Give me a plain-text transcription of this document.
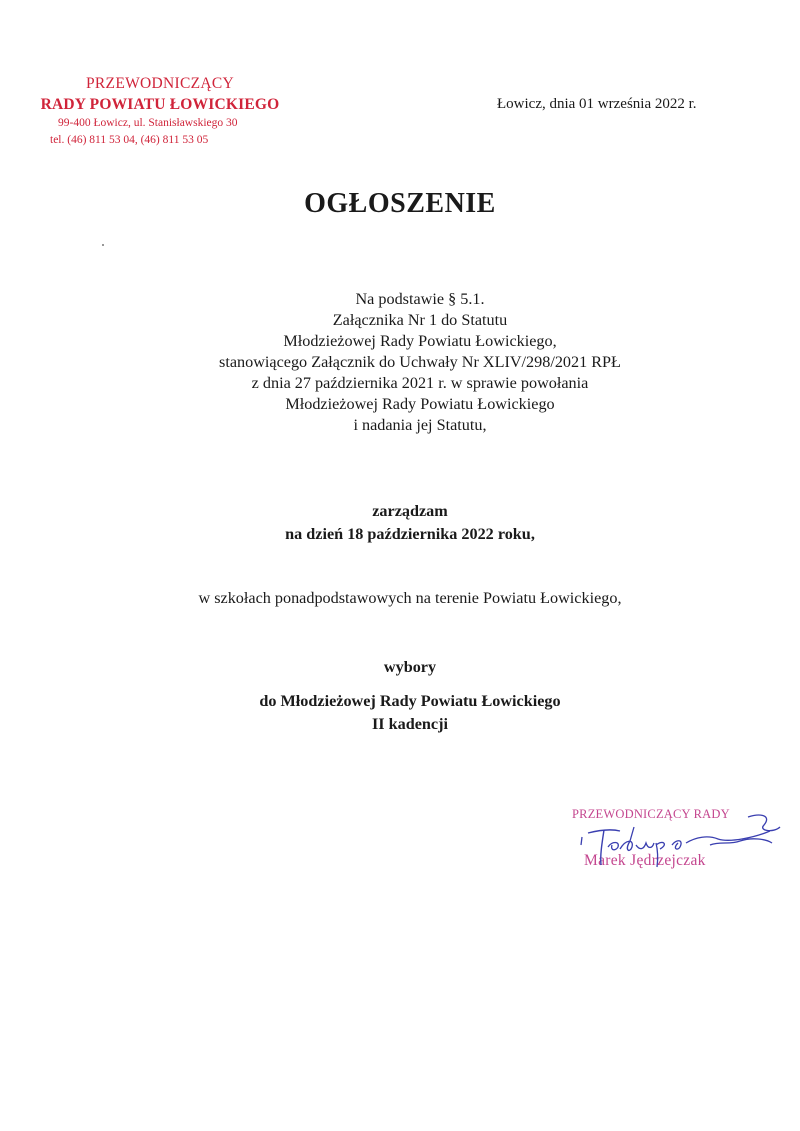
PRZEWODNICZĄCY
RADY POWIATU ŁOWICKIEGO
99-400 Łowicz, ul. Stanisławskiego 30
tel. (46) 811 53 04, (46) 811 53 05
Łowicz, dnia 01 września 2022 r.
OGŁOSZENIE
Na podstawie § 5.1.
Załącznika Nr 1 do Statutu
Młodzieżowej Rady Powiatu Łowickiego,
stanowiącego Załącznik do Uchwały Nr XLIV/298/2021 RPŁ
z dnia 27 października 2021 r. w sprawie powołania
Młodzieżowej Rady Powiatu Łowickiego
i nadania jej Statutu,
zarządzam
na dzień 18 października 2022 roku,
w szkołach ponadpodstawowych na terenie Powiatu Łowickiego,
wybory
do Młodzieżowej Rady Powiatu Łowickiego
II kadencji
PRZEWODNICZĄCY RADY
Marek Jędrzejczak
